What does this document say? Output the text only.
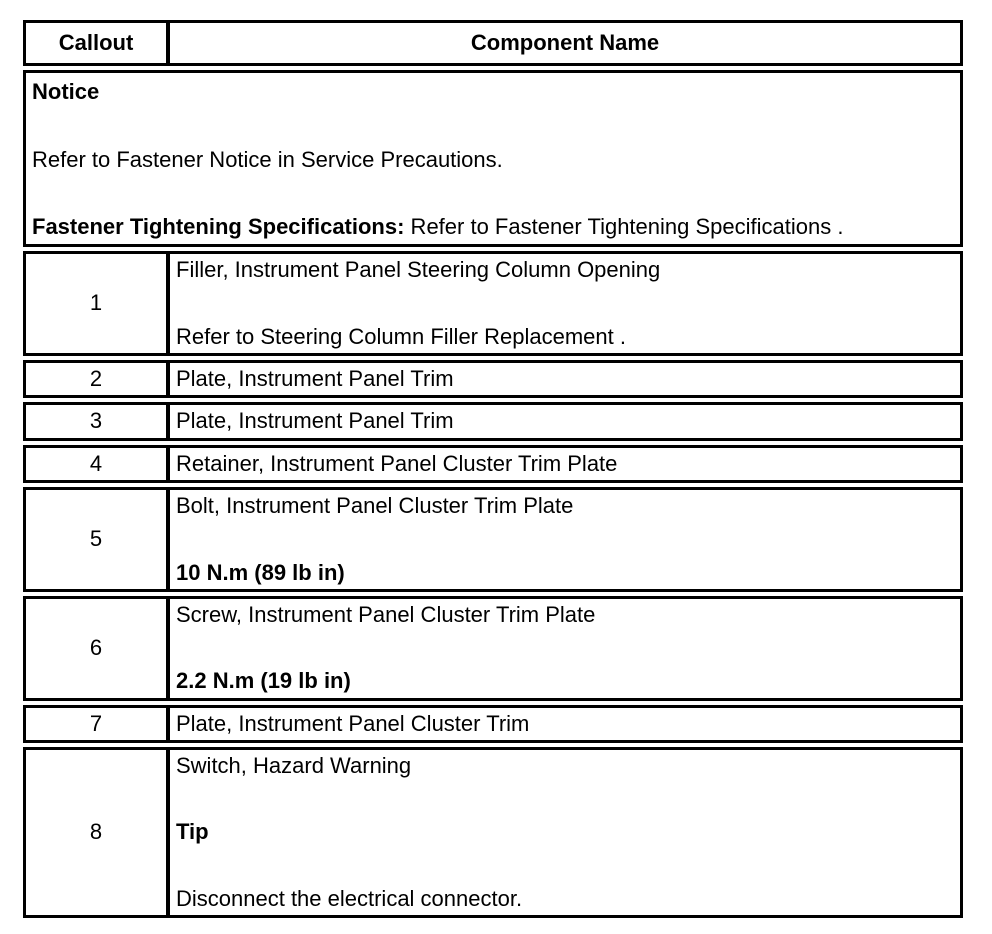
Callout	Component Name

Notice
Refer to Fastener Notice in Service Precautions.
Fastener Tightening Specifications: Refer to Fastener Tightening Specifications .	

1	Filler, Instrument Panel Steering Column Opening
Refer to Steering Column Filler Replacement .

2	Plate, Instrument Panel Trim
3	Plate, Instrument Panel Trim
4	Retainer, Instrument Panel Cluster Trim Plate
5	Bolt, Instrument Panel Cluster Trim Plate
10 N.m (89 lb in)

6	Screw, Instrument Panel Cluster Trim Plate
2.2 N.m (19 lb in)

7	Plate, Instrument Panel Cluster Trim
8	Switch, Hazard Warning
Tip
Disconnect the electrical connector.
